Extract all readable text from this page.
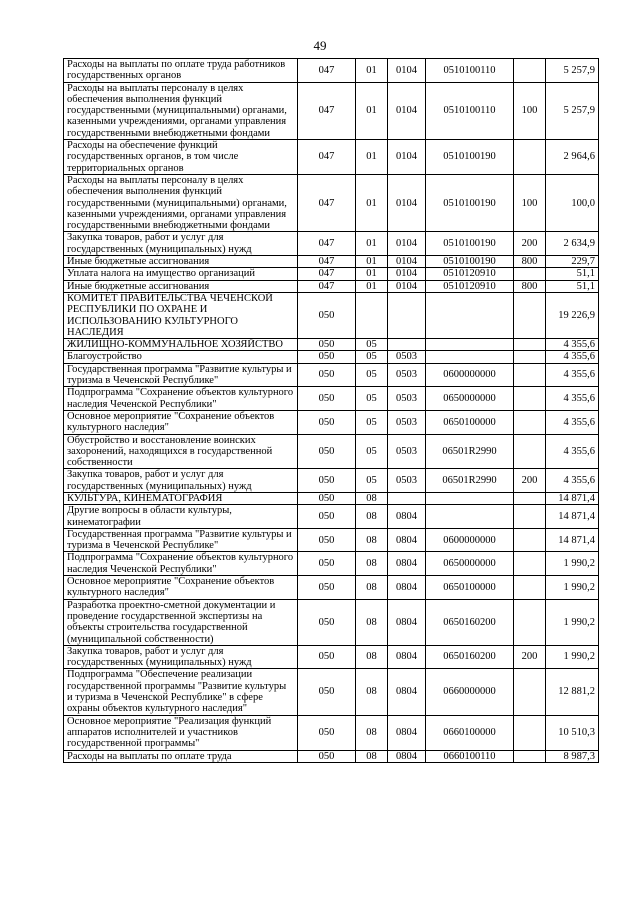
49
Расходы на выплаты по оплате труда работников государственных органов	047	01	0104	0510100110		5 257,9
Расходы на выплаты персоналу в целях обеспечения выполнения функций государственными (муниципальными) органами, казенными учреждениями, органами управления государственными внебюджетными фондами	047	01	0104	0510100110	100	5 257,9
Расходы на обеспечение функций государственных органов, в том числе территориальных органов	047	01	0104	0510100190		2 964,6
Расходы на выплаты персоналу в целях обеспечения выполнения функций государственными (муниципальными) органами, казенными учреждениями, органами управления государственными внебюджетными фондами	047	01	0104	0510100190	100	100,0
Закупка товаров, работ и услуг для государственных (муниципальных) нужд	047	01	0104	0510100190	200	2 634,9
Иные бюджетные ассигнования	047	01	0104	0510100190	800	229,7
Уплата налога на имущество организаций	047	01	0104	0510120910		51,1
Иные бюджетные ассигнования	047	01	0104	0510120910	800	51,1
КОМИТЕТ ПРАВИТЕЛЬСТВА ЧЕЧЕНСКОЙ РЕСПУБЛИКИ ПО ОХРАНЕ И ИСПОЛЬЗОВАНИЮ КУЛЬТУРНОГО НАСЛЕДИЯ	050					19 226,9
ЖИЛИЩНО-КОММУНАЛЬНОЕ ХОЗЯЙСТВО	050	05				4 355,6
Благоустройство	050	05	0503			4 355,6
Государственная программа "Развитие культуры и туризма в Чеченской Республике"	050	05	0503	0600000000		4 355,6
Подпрограмма "Сохранение объектов культурного наследия Чеченской Республики"	050	05	0503	0650000000		4 355,6
Основное мероприятие "Сохранение объектов культурного наследия"	050	05	0503	0650100000		4 355,6
Обустройство и восстановление воинских захоронений, находящихся в государственной собственности	050	05	0503	06501R2990		4 355,6
Закупка товаров, работ и услуг для государственных (муниципальных) нужд	050	05	0503	06501R2990	200	4 355,6
КУЛЬТУРА, КИНЕМАТОГРАФИЯ	050	08				14 871,4
Другие вопросы в области культуры, кинематографии	050	08	0804			14 871,4
Государственная программа "Развитие культуры и туризма в Чеченской Республике"	050	08	0804	0600000000		14 871,4
Подпрограмма "Сохранение объектов культурного наследия Чеченской Республики"	050	08	0804	0650000000		1 990,2
Основное мероприятие "Сохранение объектов культурного наследия"	050	08	0804	0650100000		1 990,2
Разработка проектно-сметной документации и проведение государственной экспертизы на объекты строительства государственной (муниципальной собственности)	050	08	0804	0650160200		1 990,2
Закупка товаров, работ и услуг для государственных (муниципальных) нужд	050	08	0804	0650160200	200	1 990,2
Подпрограмма "Обеспечение реализации государственной программы "Развитие культуры и туризма в Чеченской Республике" в сфере охраны объектов культурного наследия"	050	08	0804	0660000000		12 881,2
Основное мероприятие "Реализация функций аппаратов исполнителей и участников государственной программы"	050	08	0804	0660100000		10 510,3
Расходы на выплаты по оплате труда	050	08	0804	0660100110		8 987,3
